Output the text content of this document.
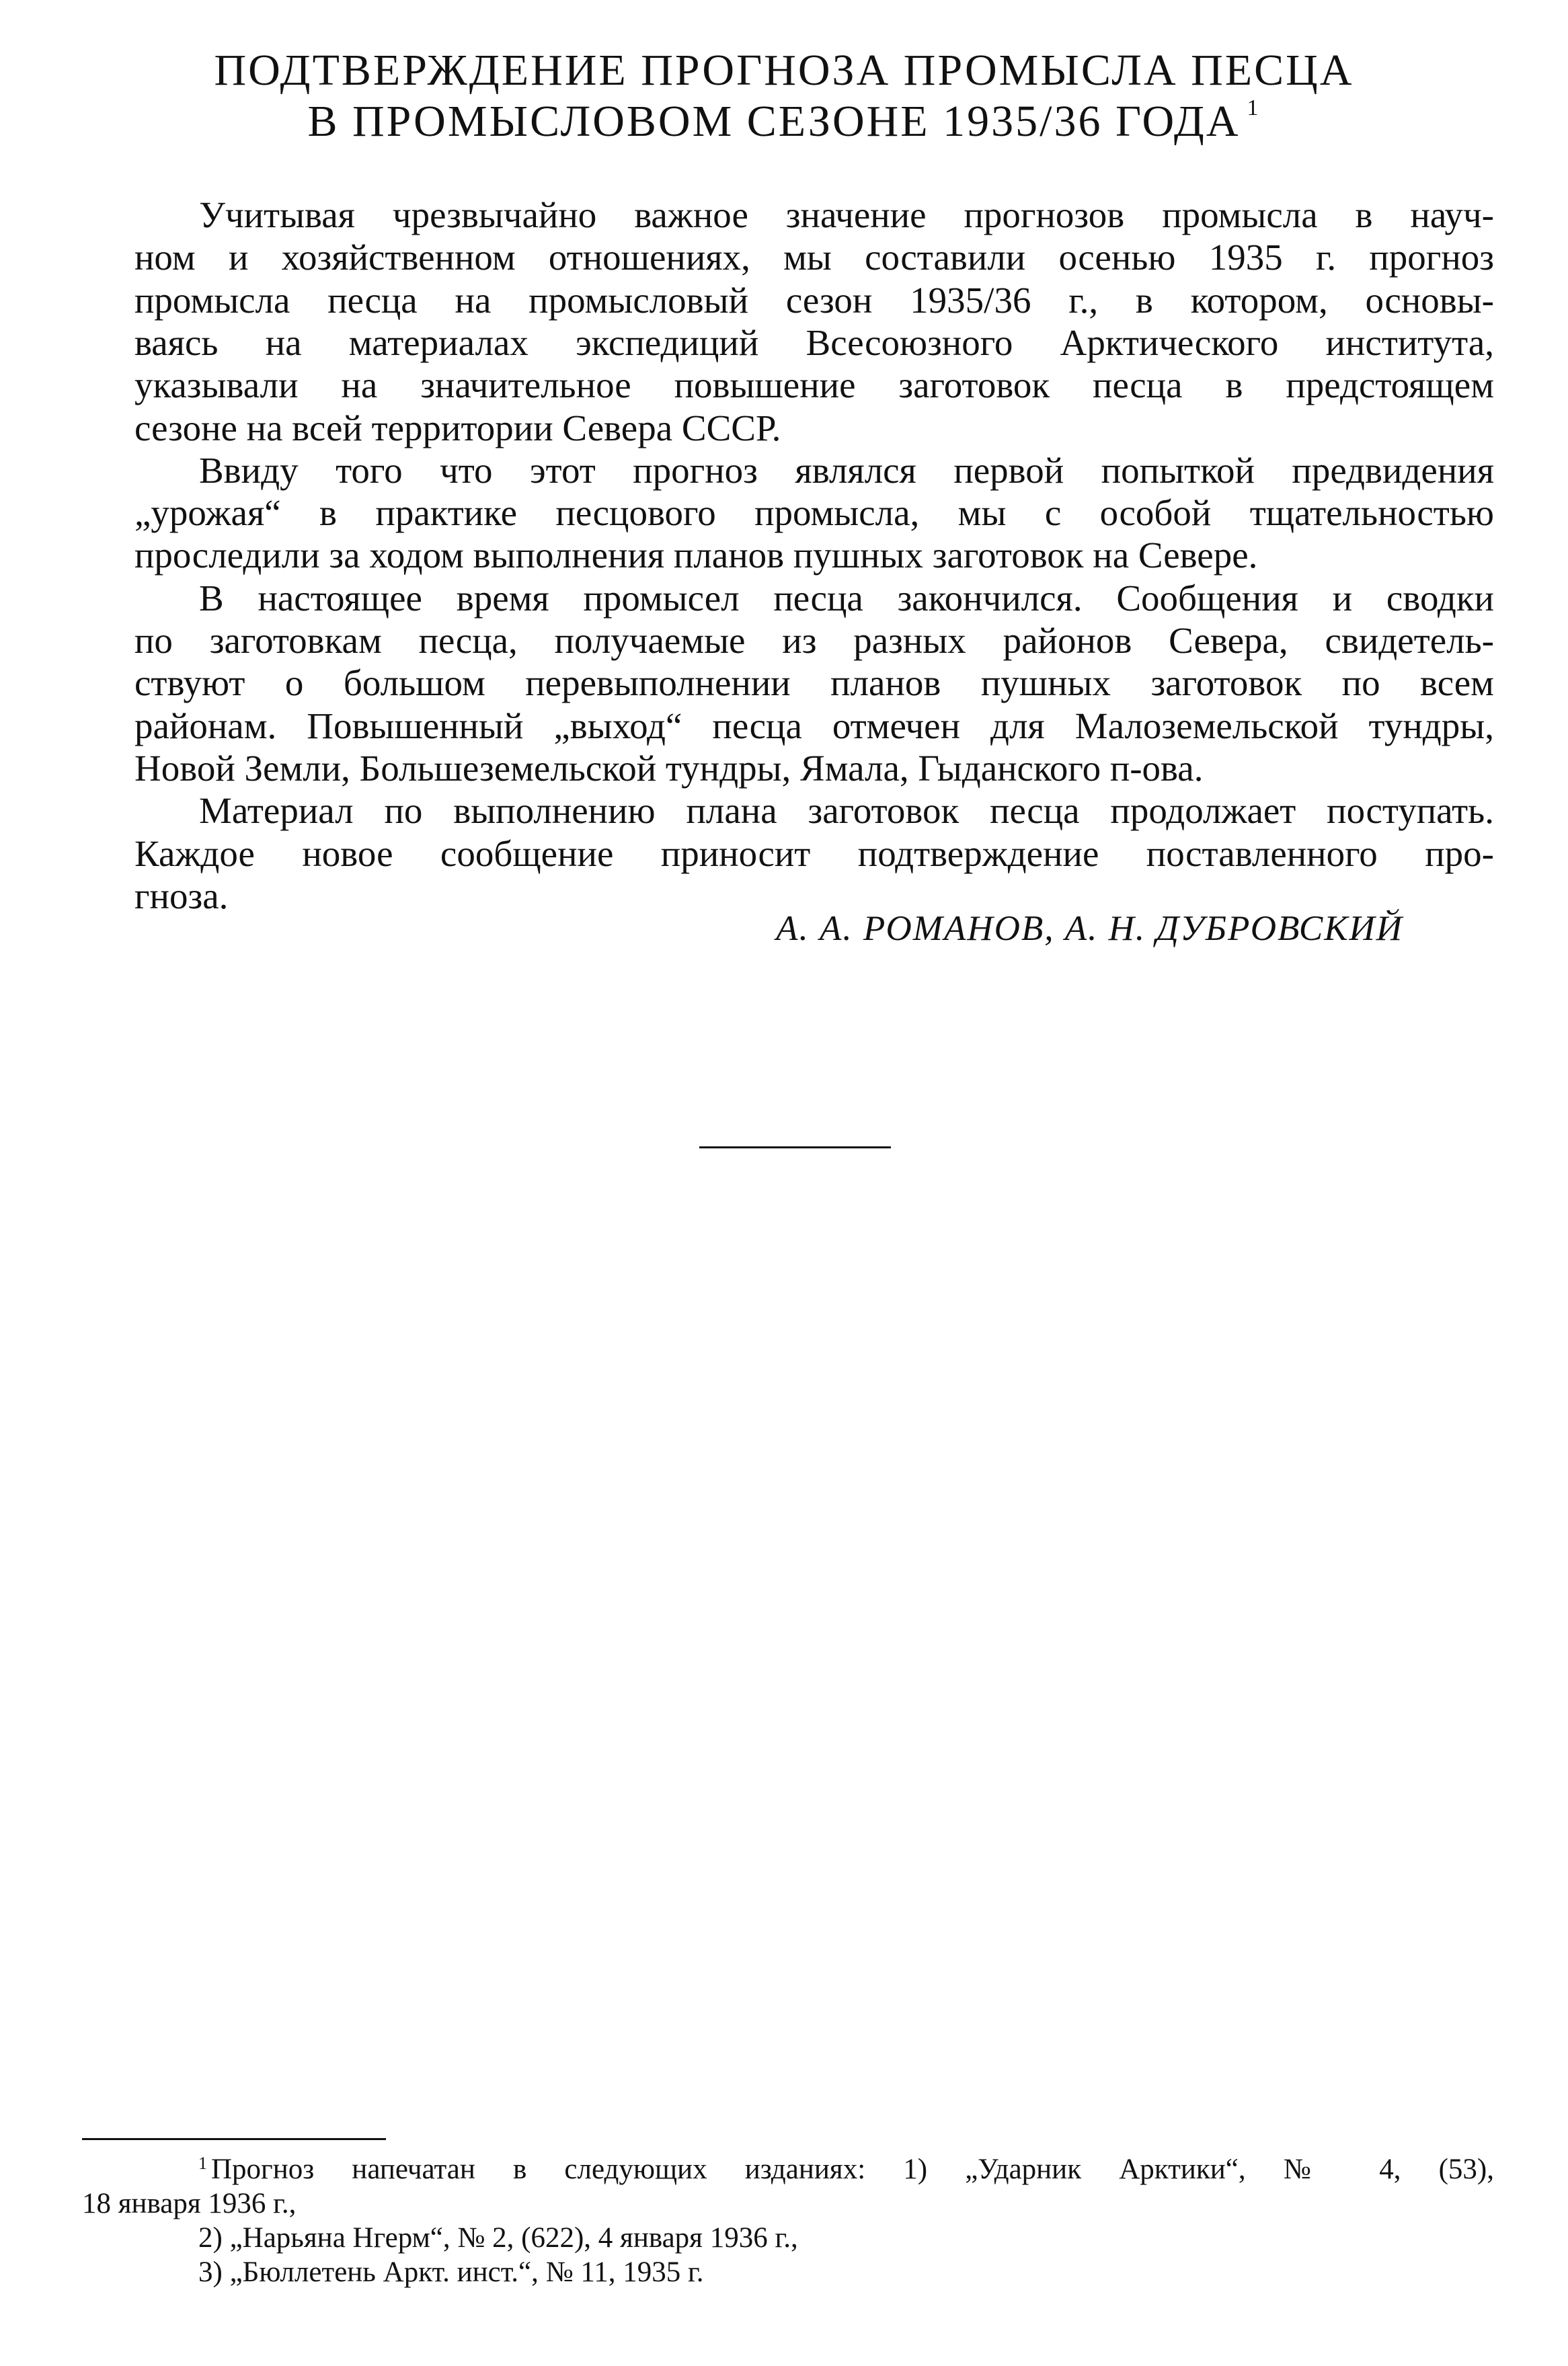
ПОДТВЕРЖДЕНИЕ ПРОГНОЗА ПРОМЫСЛА ПЕСЦА
В ПРОМЫСЛОВОМ СЕЗОНЕ 1935/36 ГОДА $^1$
Учитывая чрезвычайно важное значение прогнозов промысла в науч-
ном и хозяйственном отношениях, мы составили осенью 1935 г. прогноз
промысла песца на промысловый сезон 1935/36 г., в котором, основы-
ваясь на материалах экспедиций Всесоюзного Арктического института,
указывали на значительное повышение заготовок песца в предстоящем
сезоне на всей территории Севера СССР.
Ввиду того что этот прогноз являлся первой попыткой предвидения
„урожая“ в практике песцового промысла, мы с особой тщательностью
проследили за ходом выполнения планов пушных заготовок на Севере.
В настоящее время промысел песца закончился. Сообщения и сводки
по заготовкам песца, получаемые из разных районов Севера, свидетель-
ствуют о большом перевыполнении планов пушных заготовок по всем
районам. Повышенный „выход“ песца отмечен для Малоземельской тундры,
Новой Земли, Большеземельской тундры, Ямала, Гыданского п-ова.
Материал по выполнению плана заготовок песца продолжает поступать.
Каждое новое сообщение приносит подтверждение поставленного про-
гноза.
А. А. РОМАНОВ, А. Н. ДУБРОВСКИЙ
$^1$ Прогноз напечатан в следующих изданиях: 1) „Ударник Арктики“, № 4, (53),
18 января 1936 г.,
2) „Нарьяна Нгерм“, № 2, (622), 4 января 1936 г.,
3) „Бюллетень Аркт. инст.“, № 11, 1935 г.
